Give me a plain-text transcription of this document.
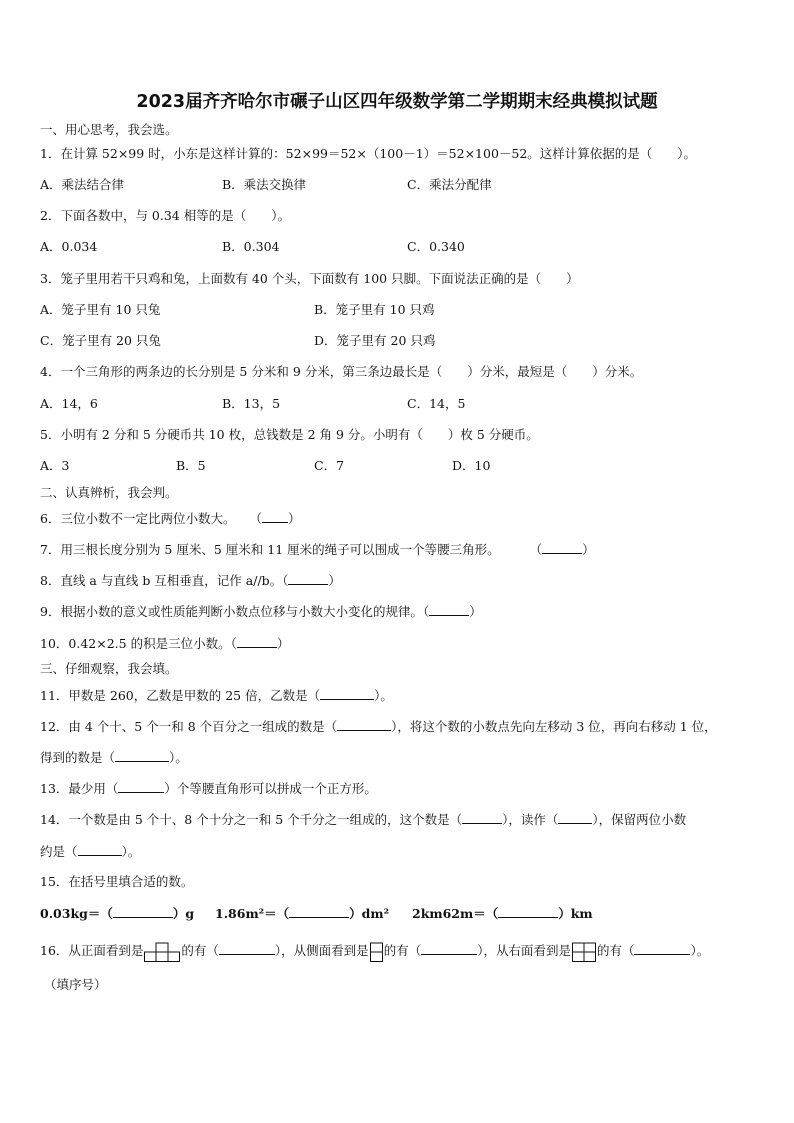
2023届齐齐哈尔市碾子山区四年级数学第二学期期末经典模拟试题
一、用心思考，我会选。
1．在计算 52×99 时，小东是这样计算的：52×99＝52×（100－1）＝52×100－52。这样计算依据的是（　　）。
A．乘法结合律	B．乘法交换律	C．乘法分配律
2．下面各数中，与 0.34 相等的是（　　）。
A．0.034	B．0.304	C．0.340
3．笼子里用若干只鸡和兔，上面数有 40 个头，下面数有 100 只脚。下面说法正确的是（　　）
A．笼子里有 10 只兔	B．笼子里有 10 只鸡
C．笼子里有 20 只兔	D．笼子里有 20 只鸡
4．一个三角形的两条边的长分别是 5 分米和 9 分米，第三条边最长是（　　）分米，最短是（　　）分米。
A．14，6	B．13，5	C．14，5
5．小明有 2 分和 5 分硬币共 10 枚，总钱数是 2 角 9 分。小明有（　　）枚 5 分硬币。
A．3	B．5	C．7	D．10
二、认真辨析，我会判。
6．三位小数不一定比两位小数大。 （ ）
7．用三根长度分别为 5 厘米、5 厘米和 11 厘米的绳子可以围成一个等腰三角形。 （	）
8．直线 a 与直线 b 互相垂直，记作 a//b。（	）
9．根据小数的意义或性质能判断小数点位移与小数大小变化的规律。（	）
10．0.42×2.5 的积是三位小数。（	）
三、仔细观察，我会填。
11．甲数是 260，乙数是甲数的 25 倍，乙数是（	）。
12．由 4 个十、5 个一和 8 个百分之一组成的数是（	），将这个数的小数点先向左移动 3 位，再向右移动 1 位，
得到的数是（	）。
13．最少用（	）个等腰直角形可以拼成一个正方形。
14．一个数是由 5 个十、8 个十分之一和 5 个千分之一组成的，这个数是（	），读作（	），保留两位小数
约是（	）。
15．在括号里填合适的数。
0.03kg＝（	）g 1.86m²＝（	）dm² 2km62m＝（	）km
16．从正面看到是	的有（	），从侧面看到是 的有（	），从右面看到是 的有（	）。
（填序号）
